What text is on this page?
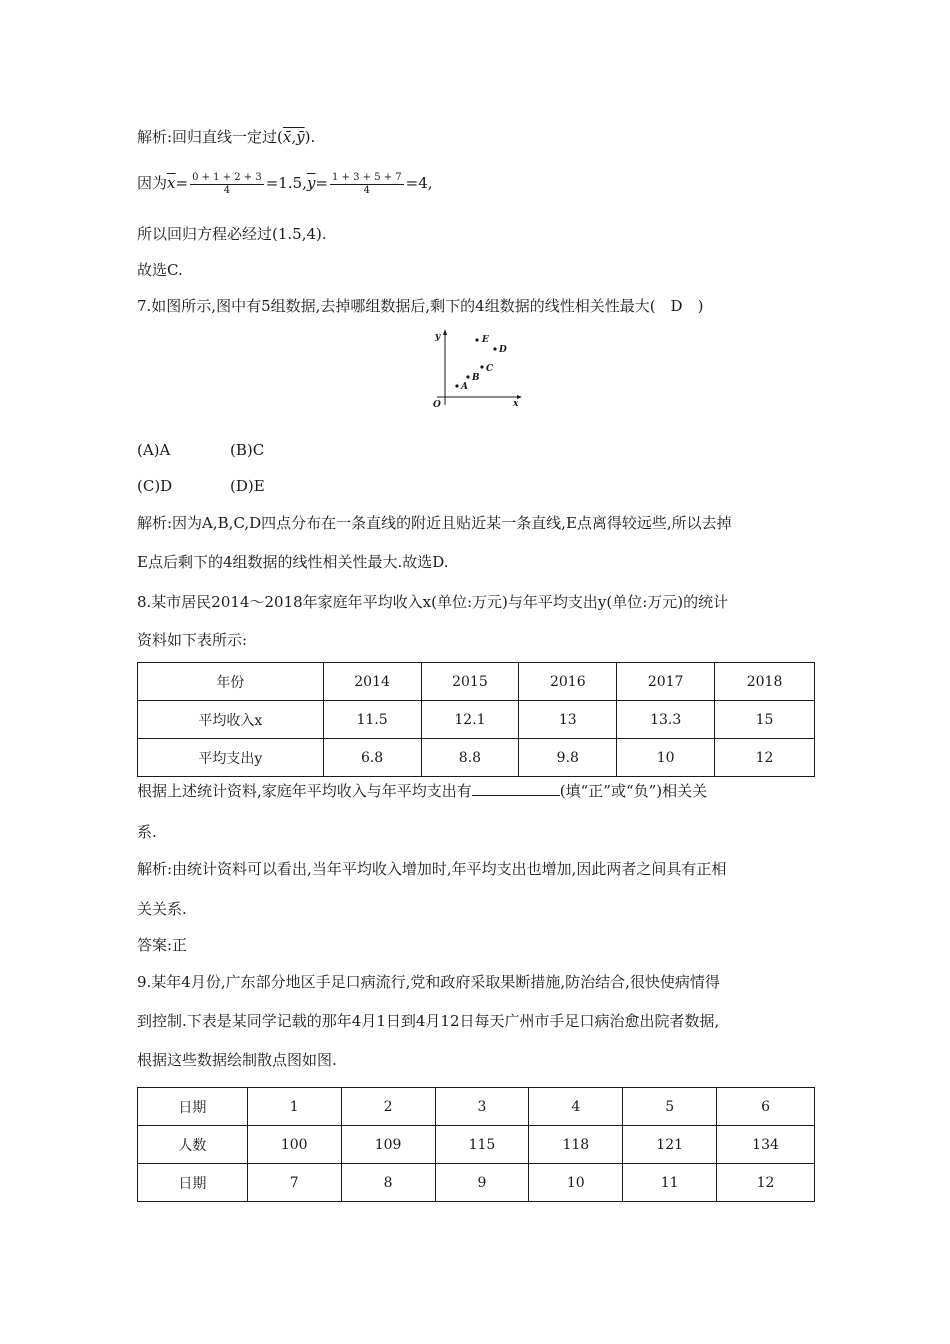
解析:回归直线一定过(x̄,ȳ).
因为$\overline{x}= \frac{0 + 1 + 2 + 3}{4} =1.5,\overline{y}= \frac{1 + 3 + 5 + 7}{4} =4$,
所以回归方程必经过(1.5,4).
故选C.
7.如图所示,图中有5组数据,去掉哪组数据后,剩下的4组数据的线性相关性最大(　D　)
y
x
O
A
B
C
D
E
(A)A	(B)C
(C)D	(D)E
解析:因为A,B,C,D四点分布在一条直线的附近且贴近某一条直线,E点离得较远些,所以去掉
E点后剩下的4组数据的线性相关性最大.故选D.
8.某市居民2014～2018年家庭年平均收入x(单位:万元)与年平均支出y(单位:万元)的统计
资料如下表所示:
年份	2014	2015	2016	2017	2018
平均收入x	11.5	12.1	13	13.3	15
平均支出y	6.8	8.8	9.8	10	12
根据上述统计资料,家庭年平均收入与年平均支出有	(填“正”或“负”)相关关
系.
解析:由统计资料可以看出,当年平均收入增加时,年平均支出也增加,因此两者之间具有正相
关关系.
答案:正
9.某年4月份,广东部分地区手足口病流行,党和政府采取果断措施,防治结合,很快使病情得
到控制.下表是某同学记载的那年4月1日到4月12日每天广州市手足口病治愈出院者数据,
根据这些数据绘制散点图如图.
日期	1	2	3	4	5	6
人数	100	109	115	118	121	134
日期	7	8	9	10	11	12
